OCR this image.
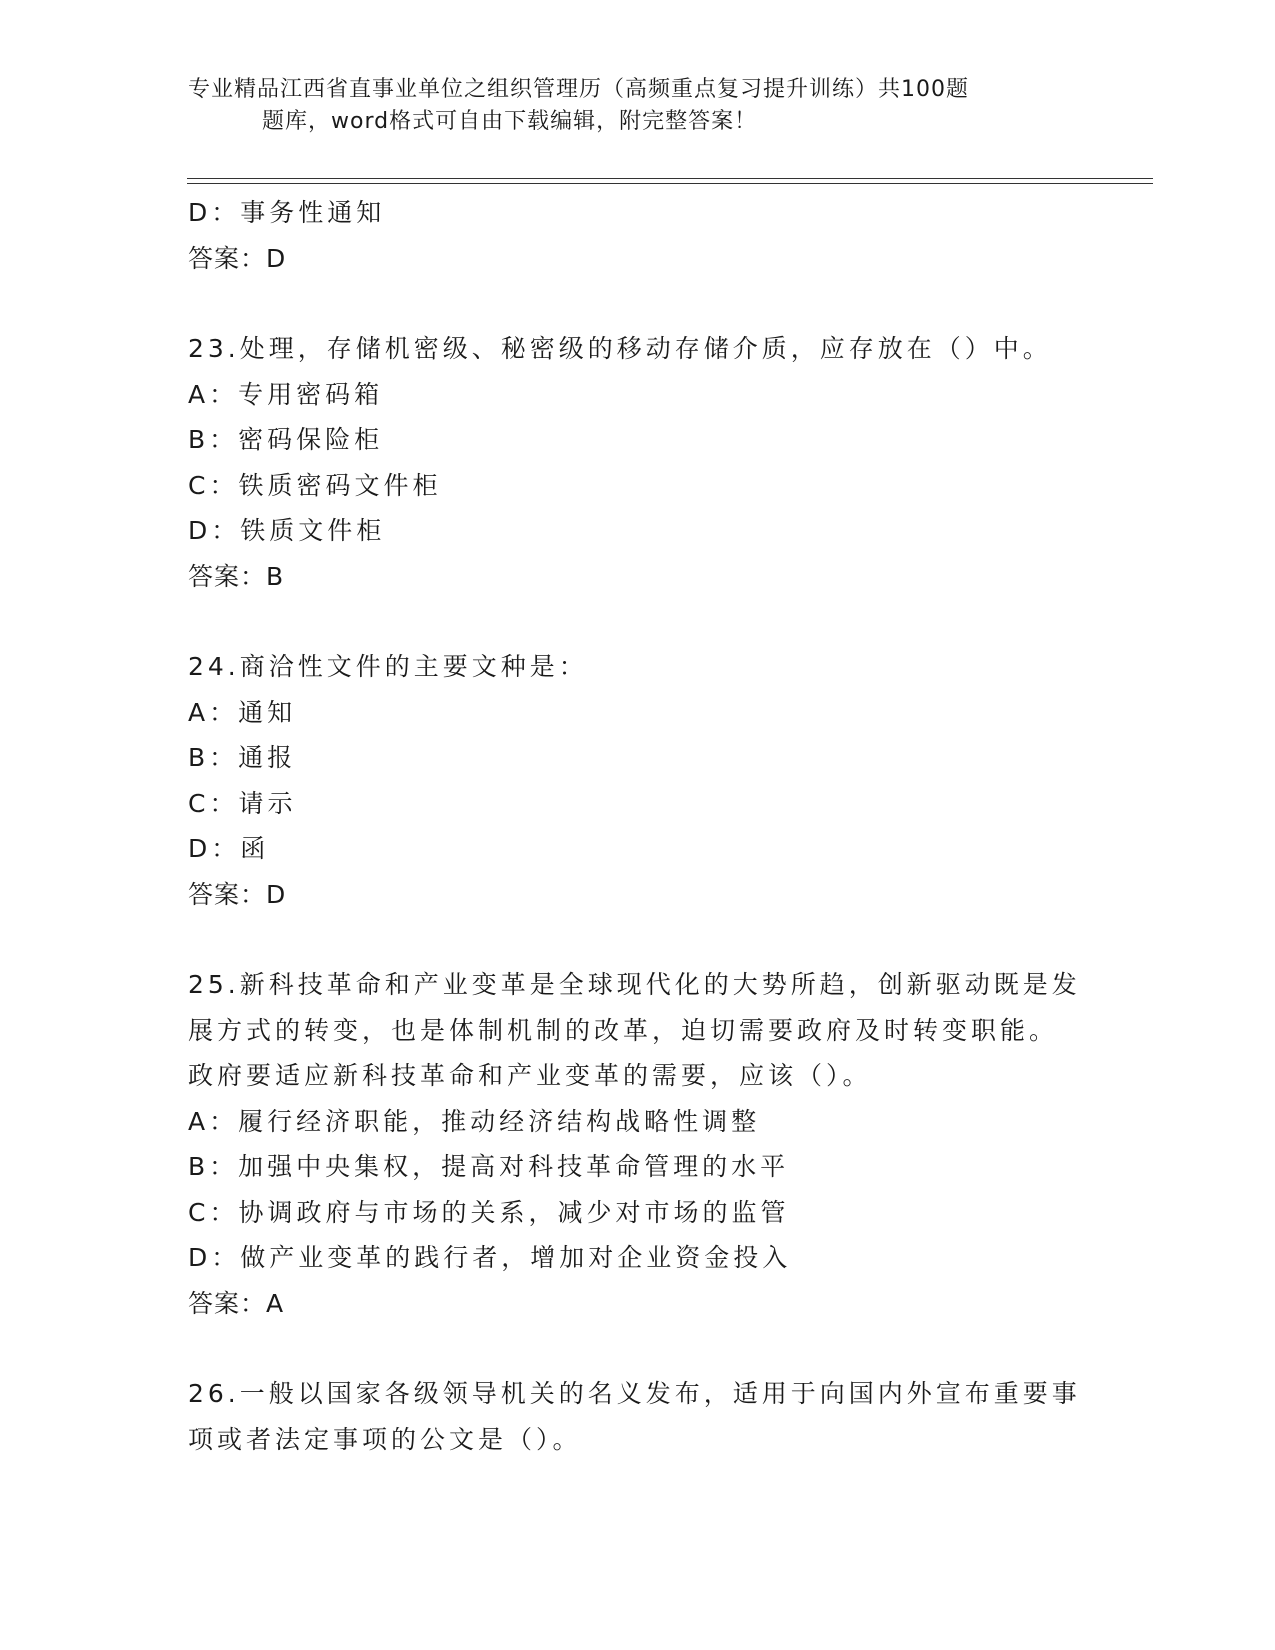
专业精品江西省直事业单位之组织管理历（高频重点复习提升训练）共100题
题库，word格式可自由下载编辑，附完整答案！
D：事务性通知
答案：D
23.处理，存储机密级、秘密级的移动存储介质，应存放在（）中。
A：专用密码箱
B：密码保险柜
C：铁质密码文件柜
D：铁质文件柜
答案：B
24.商洽性文件的主要文种是：
A：通知
B：通报
C：请示
D：函
答案：D
25.新科技革命和产业变革是全球现代化的大势所趋，创新驱动既是发
展方式的转变，也是体制机制的改革，迫切需要政府及时转变职能。
政府要适应新科技革命和产业变革的需要，应该（）。
A：履行经济职能，推动经济结构战略性调整
B：加强中央集权，提高对科技革命管理的水平
C：协调政府与市场的关系，减少对市场的监管
D：做产业变革的践行者，增加对企业资金投入
答案：A
26.一般以国家各级领导机关的名义发布，适用于向国内外宣布重要事
项或者法定事项的公文是（）。
